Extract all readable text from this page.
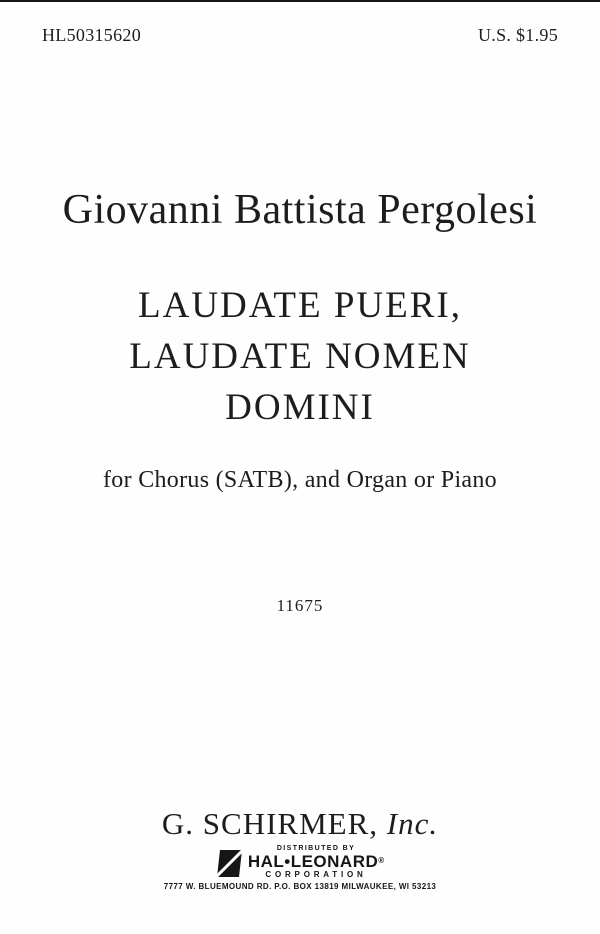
HL50315620	U.S. $1.95
Giovanni Battista Pergolesi
LAUDATE PUERI,
LAUDATE NOMEN
DOMINI
for Chorus (SATB), and Organ or Piano
11675
G. SCHIRMER, Inc.
DISTRIBUTED BY
HAL•LEONARD®
CORPORATION
7777 W. BLUEMOUND RD. P.O. BOX 13819 MILWAUKEE, WI 53213
